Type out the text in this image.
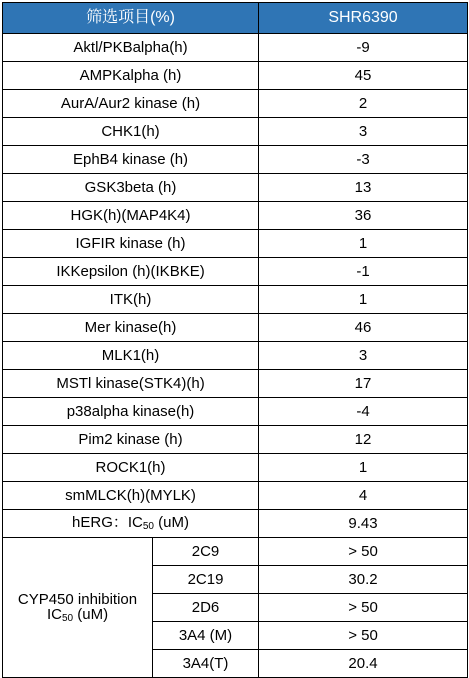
筛选项目(%)		SHR6390
Aktl/PKBalpha(h)		-9
AMPKalpha (h)		45
AurA/Aur2 kinase (h)		2
CHK1(h)		3
EphB4 kinase (h)		-3
GSK3beta (h)		13
HGK(h)(MAP4K4)		36
IGFIR kinase (h)		1
IKKepsilon (h)(IKBKE)		-1
ITK(h)		1
Mer kinase(h)		46
MLK1(h)		3
MSTl kinase(STK4)(h)		17
p38alpha kinase(h)		-4
Pim2 kinase (h)		12
ROCK1(h)		1
smMLCK(h)(MYLK)		4
hERG：$IC_{50}$ (uM)		9.43

CYP450 inhibition
$IC_{50}$ (uM)	2C9	> 50
	2C19	30.2
	2D6	> 50
	3A4 (M)	> 50
	3A4(T)	20.4
